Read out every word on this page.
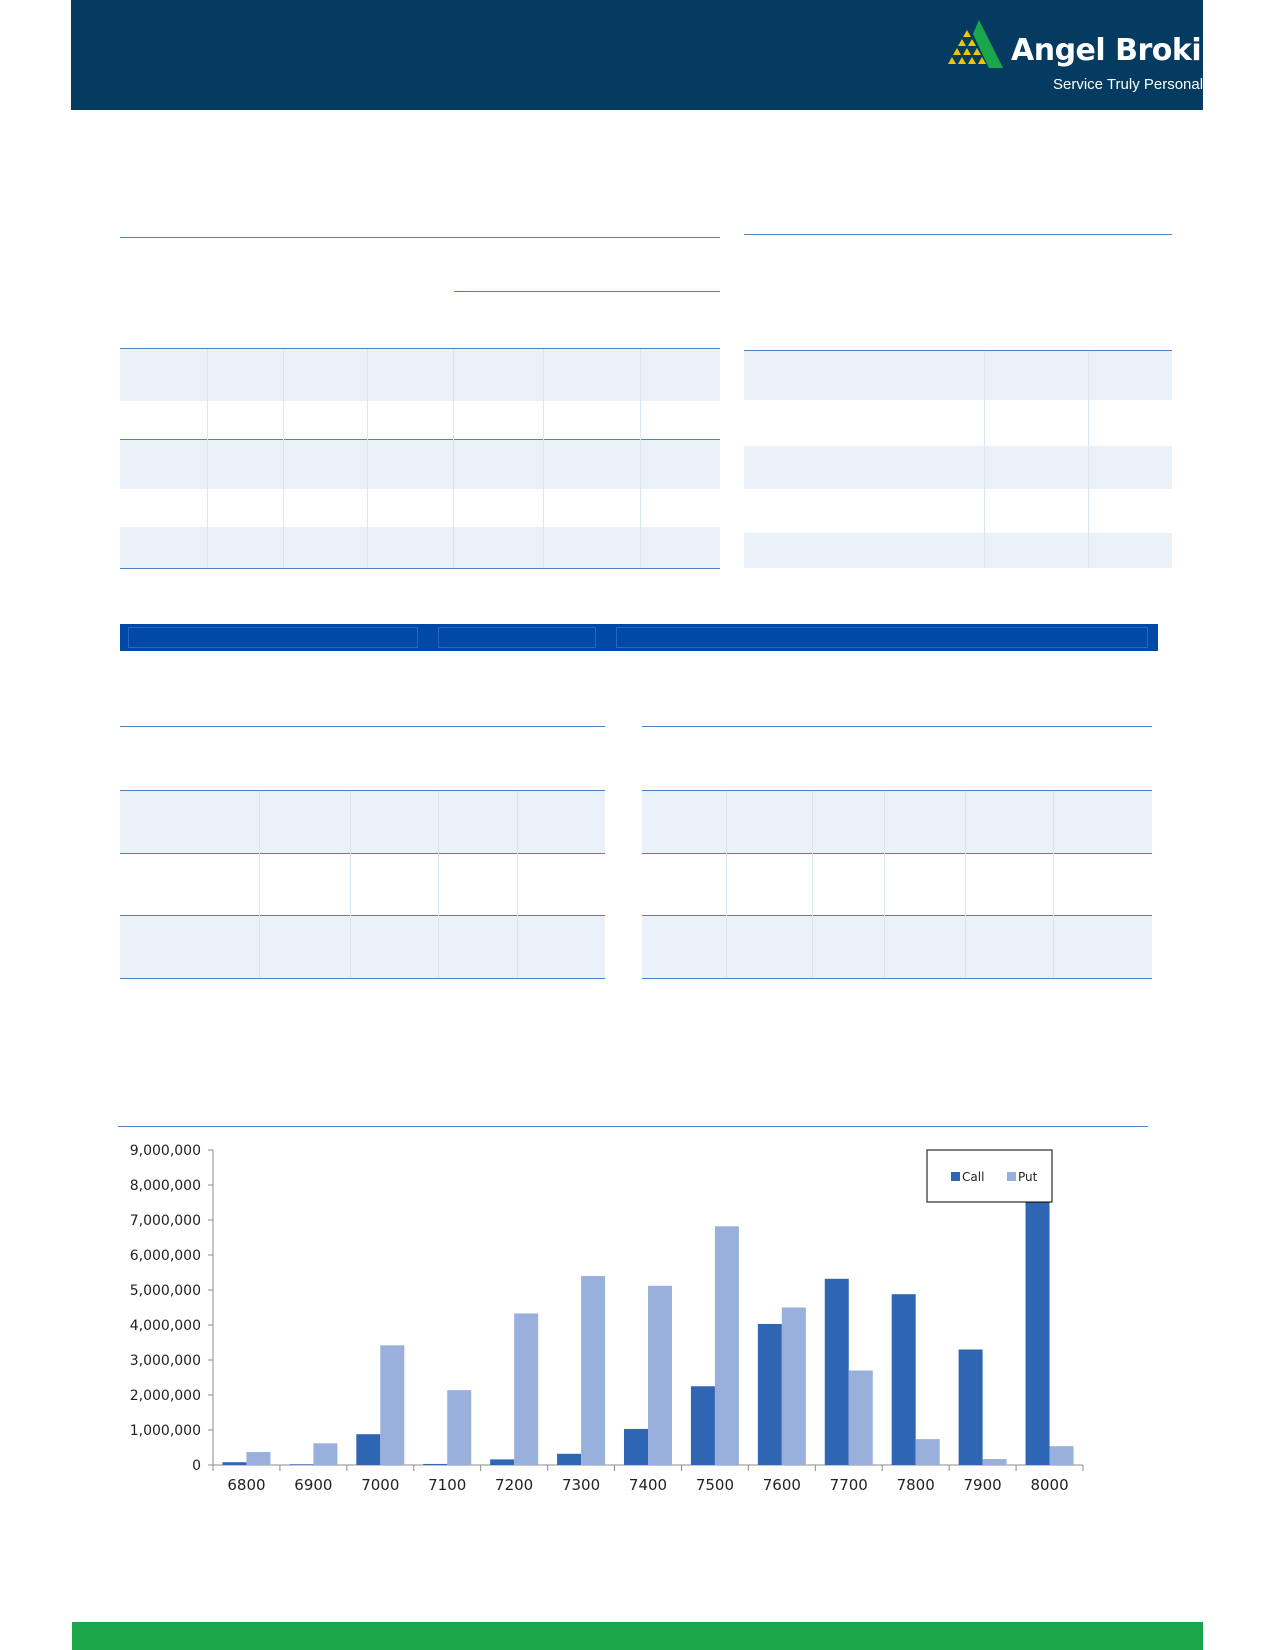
Angel Broking®
Service Truly Personalized
0
1,000,000
2,000,000
3,000,000
4,000,000
5,000,000
6,000,000
7,000,000
8,000,000
9,000,000
6800 6900 7000 7100 7200 7300 7400 7500 7600 7700 7800 7900 8000
Call	Put
